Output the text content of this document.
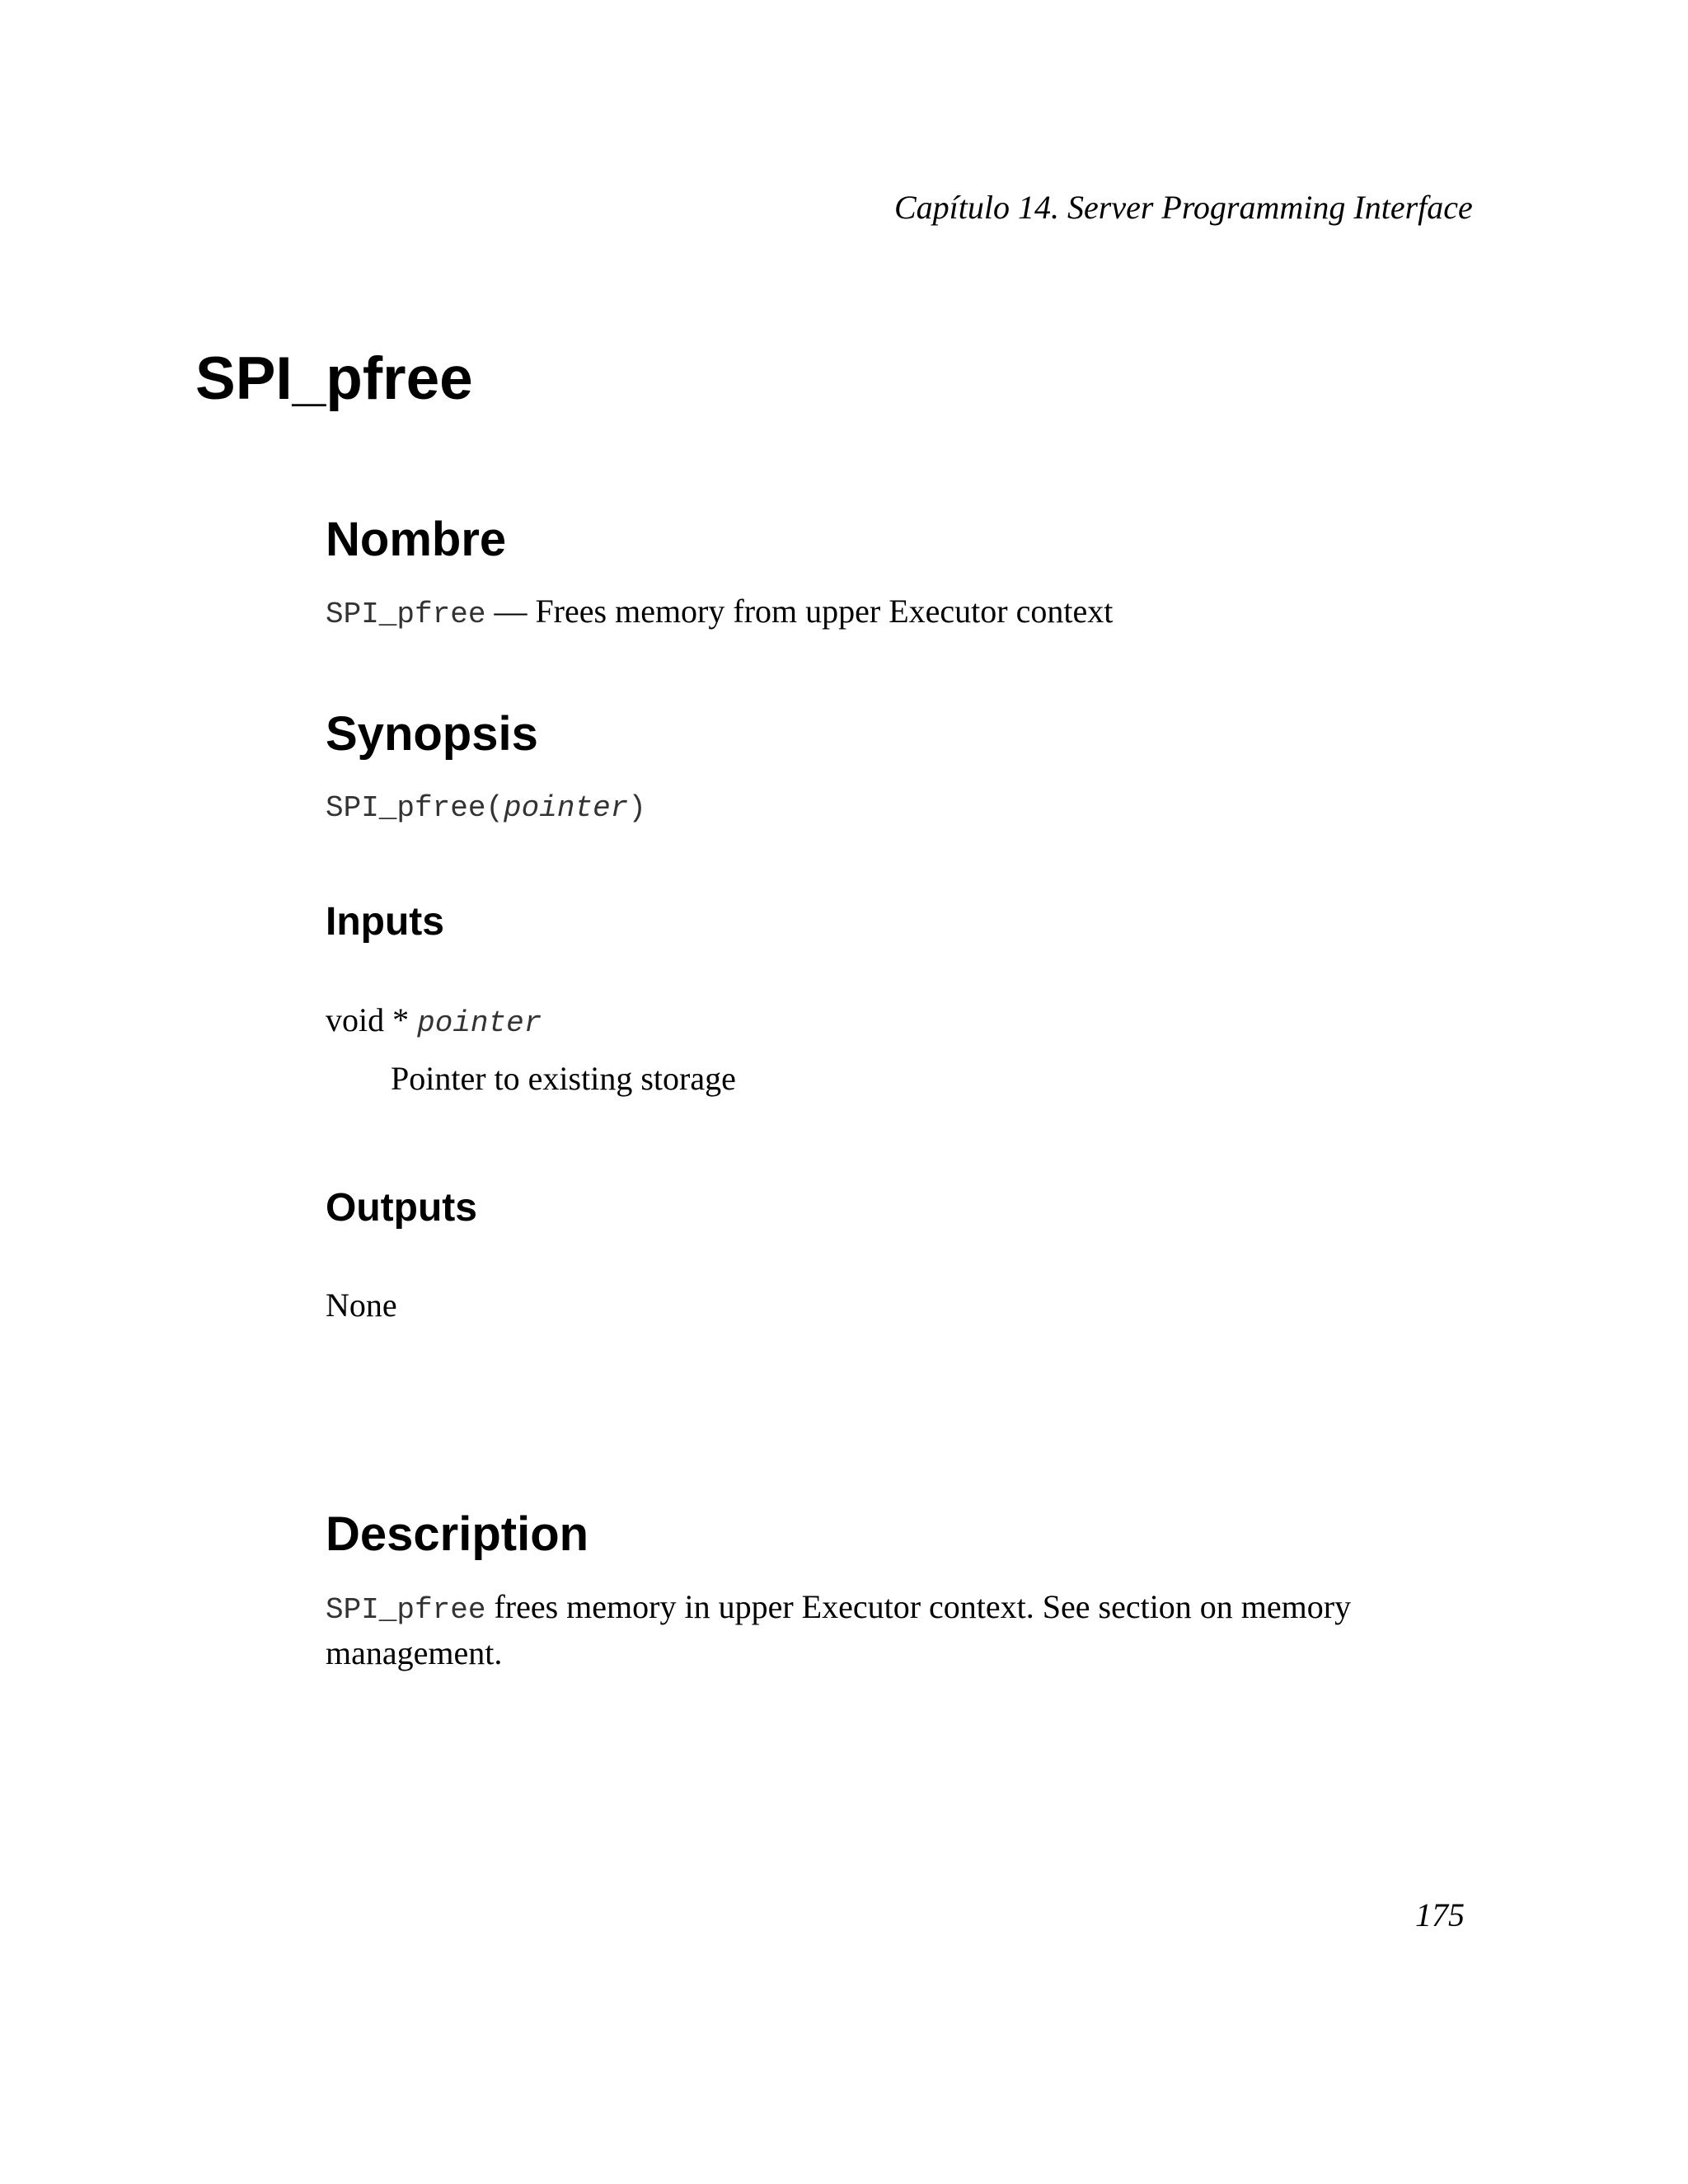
Capítulo 14. Server Programming Interface
SPI_pfree
Nombre
SPI_pfree — Frees memory from upper Executor context
Synopsis
SPI_pfree(pointer)
Inputs
void * pointer
Pointer to existing storage
Outputs
None
Description

SPI_pfree frees memory in upper Executor context. See section on memory management.

175
